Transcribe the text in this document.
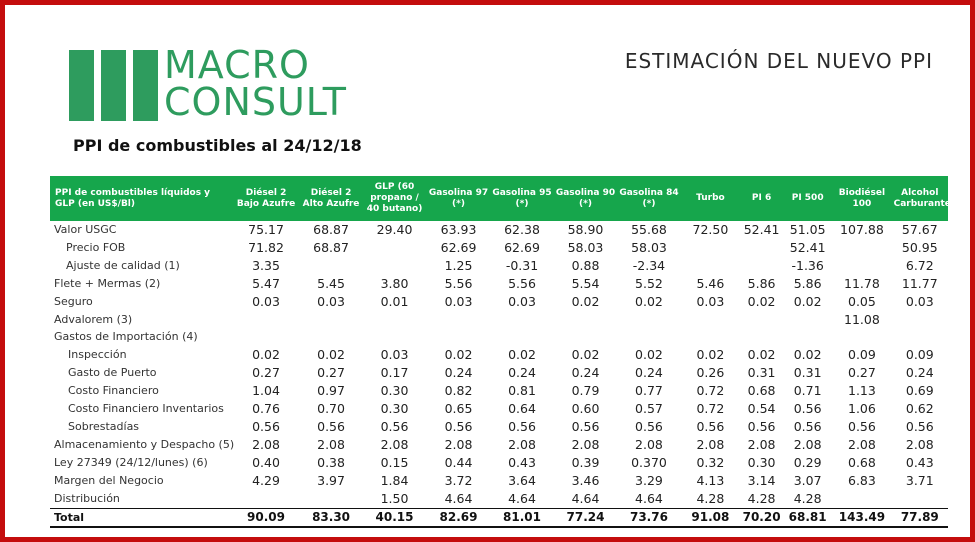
MACRO
CONSULT
ESTIMACIÓN DEL NUEVO PPI
PPI de combustibles al 24/12/18
PPI de combustibles líquidos y GLP (en US$/Bl)	Diésel 2 Bajo Azufre	Diésel 2 Alto Azufre	GLP (60 propano / 40 butano)	Gasolina 97 (*)	Gasolina 95 (*)	Gasolina 90 (*)	Gasolina 84 (*)	Turbo	PI 6	PI 500	Biodiésel 100	Alcohol Carburante
Valor USGC	75.17	68.87	29.40	63.93	62.38	58.90	55.68	72.50	52.41	51.05	107.88	57.67
Precio FOB	71.82	68.87		62.69	62.69	58.03	58.03			52.41		50.95
Ajuste de calidad (1)	3.35			1.25	-0.31	0.88	-2.34			-1.36		6.72
Flete + Mermas (2)	5.47	5.45	3.80	5.56	5.56	5.54	5.52	5.46	5.86	5.86	11.78	11.77
Seguro	0.03	0.03	0.01	0.03	0.03	0.02	0.02	0.03	0.02	0.02	0.05	0.03
Advalorem (3)											11.08	
Gastos de Importación (4)												
Inspección	0.02	0.02	0.03	0.02	0.02	0.02	0.02	0.02	0.02	0.02	0.09	0.09
Gasto de Puerto	0.27	0.27	0.17	0.24	0.24	0.24	0.24	0.26	0.31	0.31	0.27	0.24
Costo Financiero	1.04	0.97	0.30	0.82	0.81	0.79	0.77	0.72	0.68	0.71	1.13	0.69
Costo Financiero Inventarios	0.76	0.70	0.30	0.65	0.64	0.60	0.57	0.72	0.54	0.56	1.06	0.62
Sobrestadías	0.56	0.56	0.56	0.56	0.56	0.56	0.56	0.56	0.56	0.56	0.56	0.56
Almacenamiento y Despacho (5)	2.08	2.08	2.08	2.08	2.08	2.08	2.08	2.08	2.08	2.08	2.08	2.08
Ley 27349 (24/12/lunes) (6)	0.40	0.38	0.15	0.44	0.43	0.39	0.370	0.32	0.30	0.29	0.68	0.43
Margen del Negocio	4.29	3.97	1.84	3.72	3.64	3.46	3.29	4.13	3.14	3.07	6.83	3.71
Distribución			1.50	4.64	4.64	4.64	4.64	4.28	4.28	4.28		
Total	90.09	83.30	40.15	82.69	81.01	77.24	73.76	91.08	70.20	68.81	143.49	77.89
